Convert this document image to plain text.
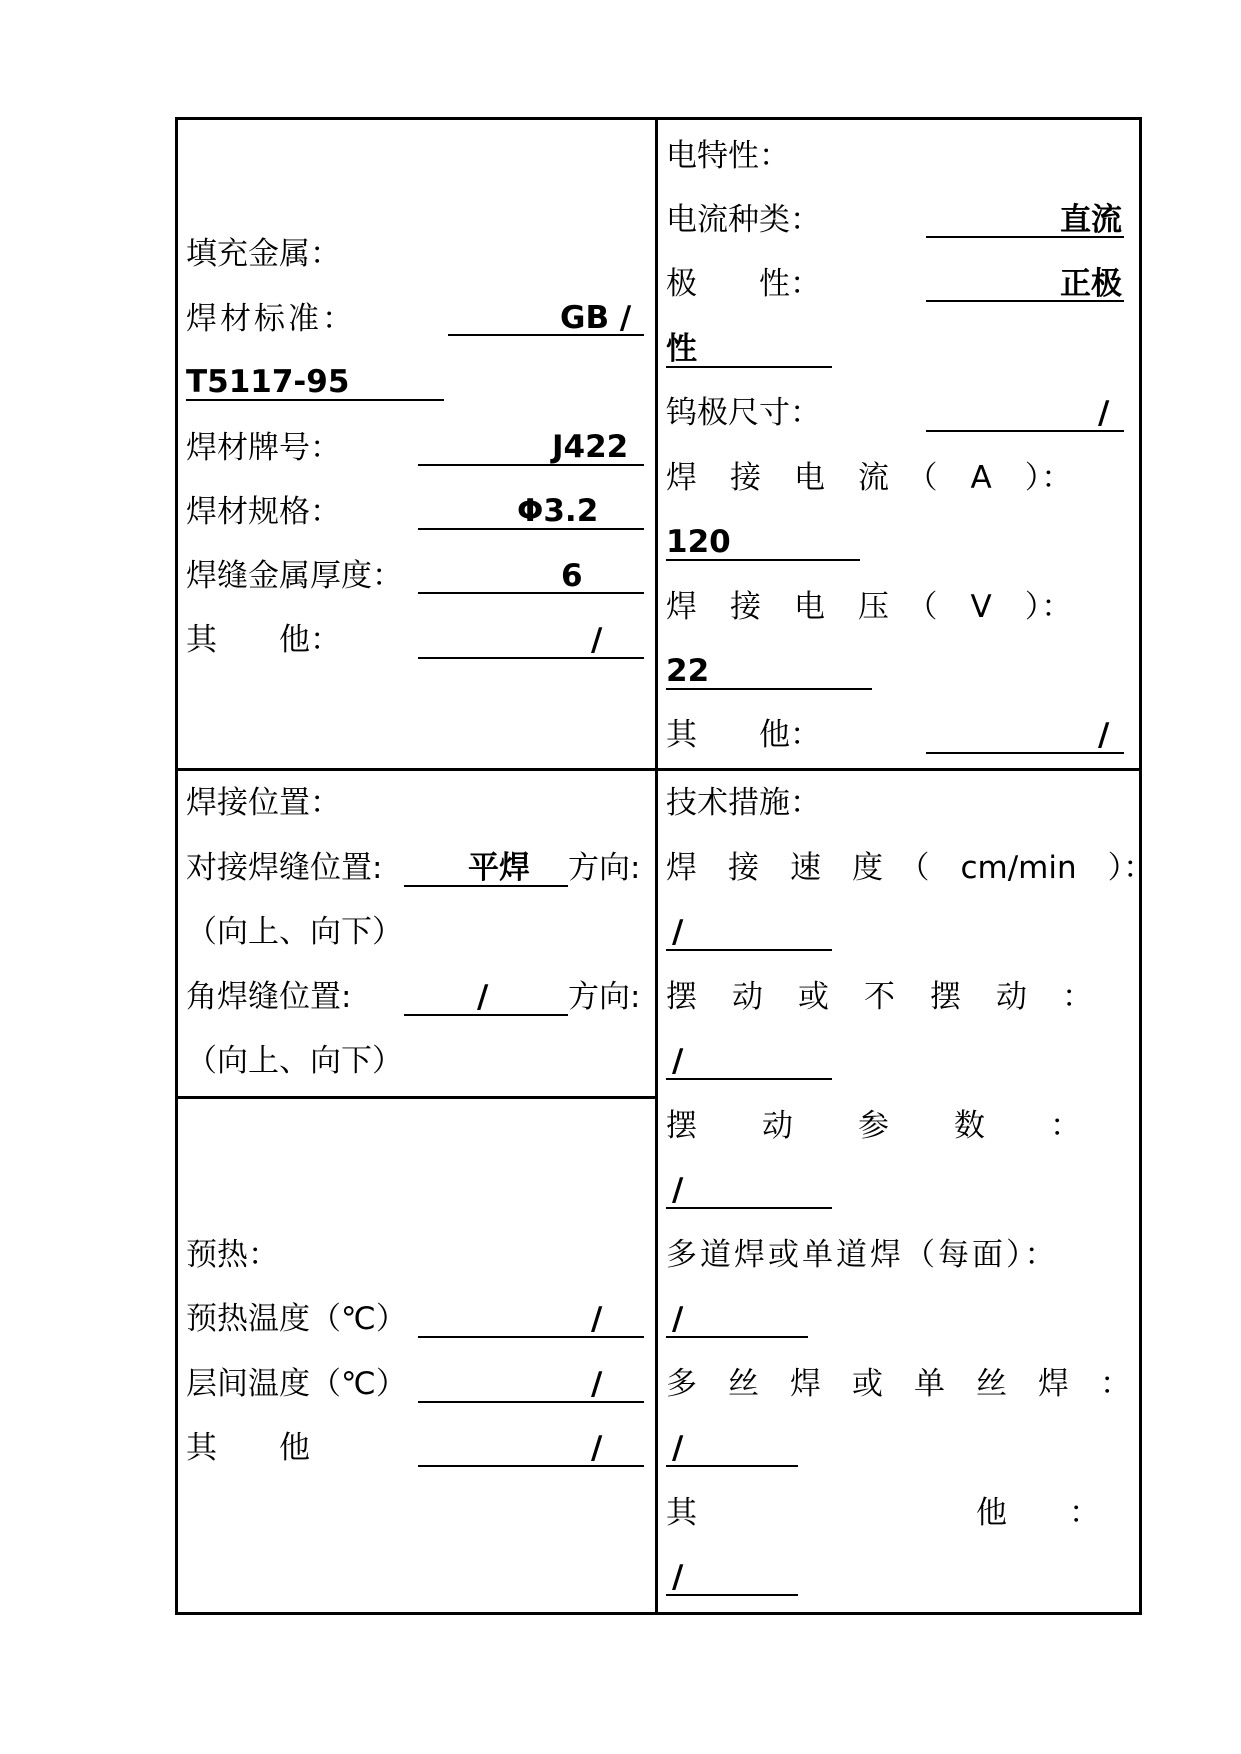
填充金属：
焊材标准：	GB /
T5117-95
焊材牌号：	J422
焊材规格：	Φ3.2
焊缝金属厚度：	6
其　　他：	/
电特性：
电流种类：	直流
极　　性：	正极
性
钨极尺寸：	/
焊　接　电　流　（　A　）：
120
焊　接　电　压　（　V　）：
22
其　　他：	/
焊接位置：
对接焊缝位置:	平焊 方向:
（向上、向下）
角焊缝位置:	/	方向:
（向上、向下）
技术措施：
焊　接　速　度　（　cm/min　）：
/
摆　动　或　不　摆　动　：
/
摆　　动　　参　　数　　：
/
多道焊或单道焊（每面）：
/
多　丝　焊　或　单　丝　焊　：
/
其　　　　　　　　　他　　：
/
预热：
预热温度（℃）	/
层间温度（℃）	/
其　　他	/
